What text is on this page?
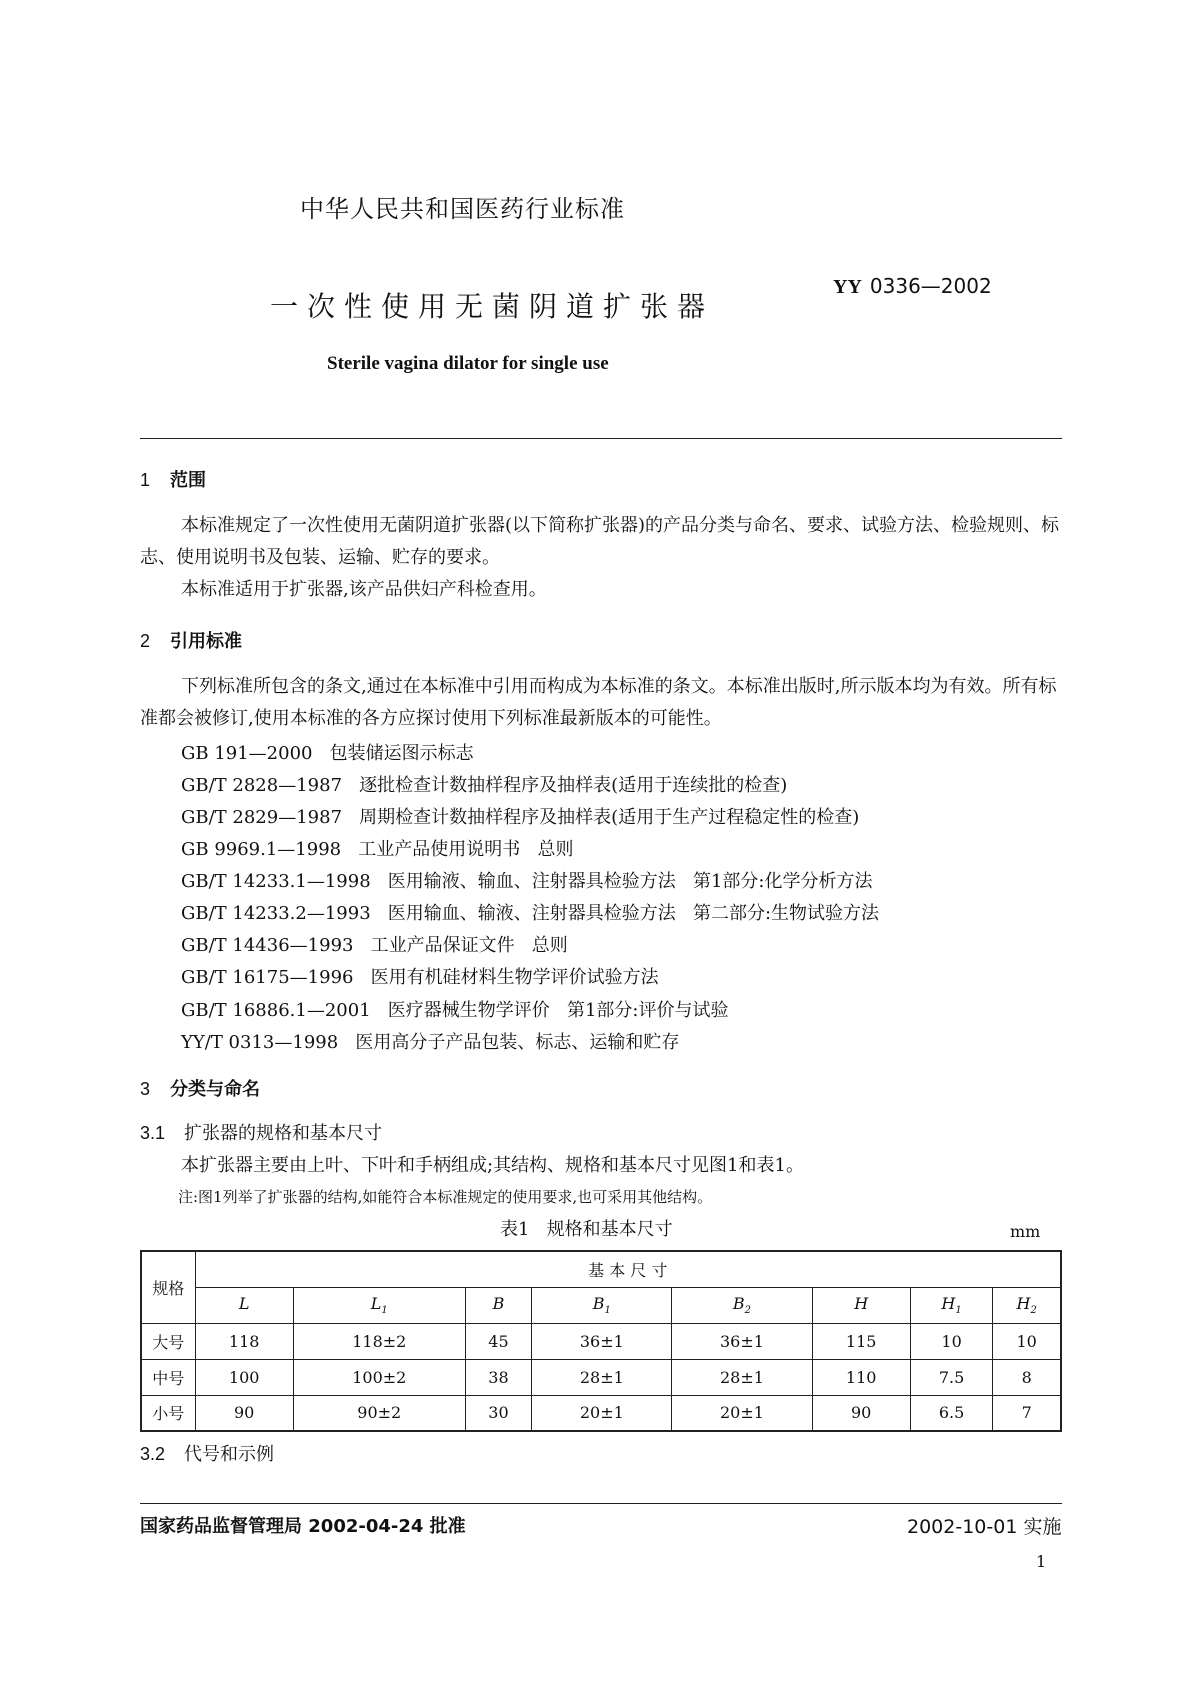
中华人民共和国医药行业标准
YY 0336—2002
一次性使用无菌阴道扩张器
Sterile vagina dilator for single use
1 范围
本标准规定了一次性使用无菌阴道扩张器(以下简称扩张器)的产品分类与命名、要求、试验方法、检验规则、标志、使用说明书及包装、运输、贮存的要求。
本标准适用于扩张器,该产品供妇产科检查用。
2 引用标准
下列标准所包含的条文,通过在本标准中引用而构成为本标准的条文。本标准出版时,所示版本均为有效。所有标准都会被修订,使用本标准的各方应探讨使用下列标准最新版本的可能性。
GB 191—2000   包装储运图示标志
GB/T 2828—1987   逐批检查计数抽样程序及抽样表(适用于连续批的检查)
GB/T 2829—1987   周期检查计数抽样程序及抽样表(适用于生产过程稳定性的检查)
GB 9969.1—1998   工业产品使用说明书   总则
GB/T 14233.1—1998   医用输液、输血、注射器具检验方法   第1部分:化学分析方法
GB/T 14233.2—1993   医用输血、输液、注射器具检验方法   第二部分:生物试验方法
GB/T 14436—1993   工业产品保证文件   总则
GB/T 16175—1996   医用有机硅材料生物学评价试验方法
GB/T 16886.1—2001   医疗器械生物学评价   第1部分:评价与试验
YY/T 0313—1998   医用高分子产品包装、标志、运输和贮存
3 分类与命名
3.1 扩张器的规格和基本尺寸
本扩张器主要由上叶、下叶和手柄组成;其结构、规格和基本尺寸见图1和表1。
注:图1列举了扩张器的结构,如能符合本标准规定的使用要求,也可采用其他结构。
表1   规格和基本尺寸	mm
规格	基 本 尺 寸							
	L	$L_1$	B	$B_1$	$B_2$	H	$H_1$	$H_2$
大号	118	118±2	45	36±1	36±1	115	10	10
中号	100	100±2	38	28±1	28±1	110	7.5	8
小号	90	90±2	30	20±1	20±1	90	6.5	7
3.2 代号和示例
国家药品监督管理局 2002-04-24 批准	2002-10-01 实施
1
